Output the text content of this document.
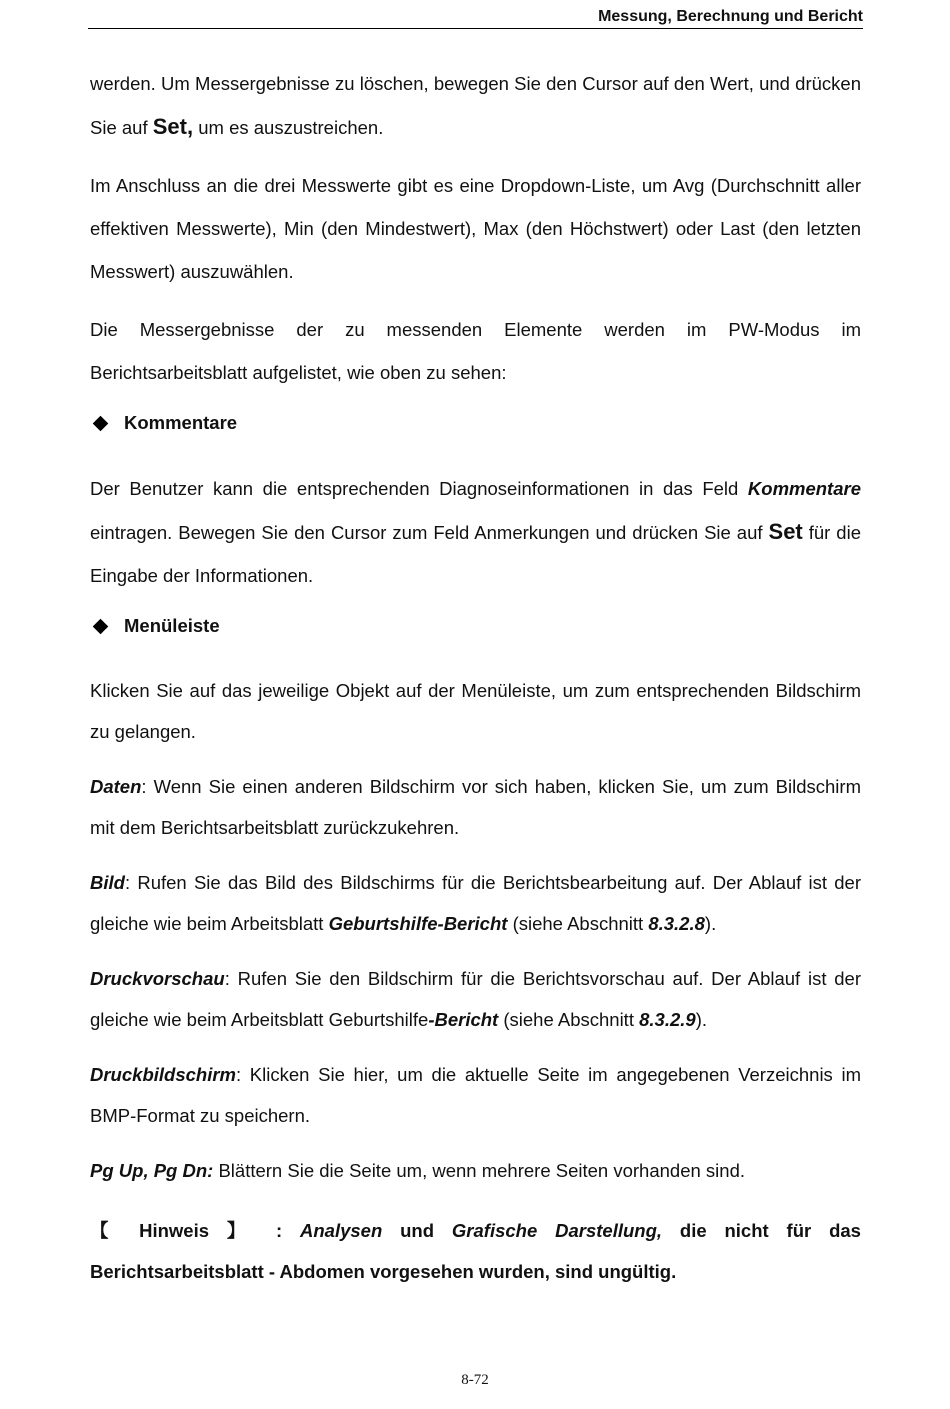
Messung, Berechnung und Bericht

werden. Um Messergebnisse zu löschen, bewegen Sie den Cursor auf den Wert, und drücken Sie auf Set, um es auszustreichen.

Im Anschluss an die drei Messwerte gibt es eine Dropdown-Liste, um Avg (Durchschnitt aller effektiven Messwerte), Min (den Mindestwert), Max (den Höchstwert) oder Last (den letzten Messwert) auszuwählen.

Die Messergebnisse der zu messenden Elemente werden im PW-Modus im Berichtsarbeitsblatt aufgelistet, wie oben zu sehen:

Kommentare

Der Benutzer kann die entsprechenden Diagnoseinformationen in das Feld Kommentare eintragen. Bewegen Sie den Cursor zum Feld Anmerkungen und drücken Sie auf Set für die Eingabe der Informationen.

Menüleiste

Klicken Sie auf das jeweilige Objekt auf der Menüleiste, um zum entsprechenden Bildschirm zu gelangen.

Daten: Wenn Sie einen anderen Bildschirm vor sich haben, klicken Sie, um zum Bildschirm mit dem Berichtsarbeitsblatt zurückzukehren.

Bild: Rufen Sie das Bild des Bildschirms für die Berichtsbearbeitung auf. Der Ablauf ist der gleiche wie beim Arbeitsblatt Geburtshilfe-Bericht (siehe Abschnitt 8.3.2.8).

Druckvorschau: Rufen Sie den Bildschirm für die Berichtsvorschau auf. Der Ablauf ist der gleiche wie beim Arbeitsblatt Geburtshilfe-Bericht (siehe Abschnitt 8.3.2.9).

Druckbildschirm: Klicken Sie hier, um die aktuelle Seite im angegebenen Verzeichnis im BMP-Format zu speichern.

Pg Up, Pg Dn: Blättern Sie die Seite um, wenn mehrere Seiten vorhanden sind.

【 Hinweis 】 : Analysen und Grafische Darstellung, die nicht für das Berichtsarbeitsblatt - Abdomen vorgesehen wurden, sind ungültig.

8-72
